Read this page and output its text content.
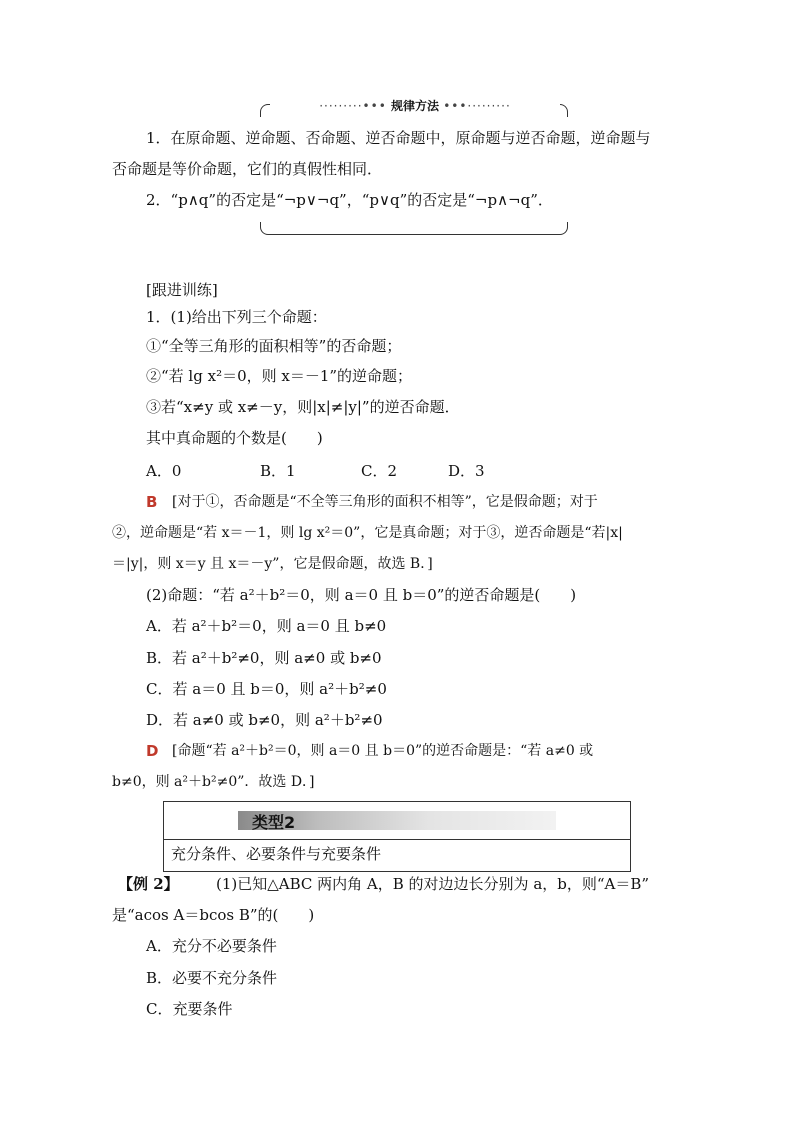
·········••• 规律方法 •••·········
1．在原命题、逆命题、否命题、逆否命题中，原命题与逆否命题，逆命题与
否命题是等价命题，它们的真假性相同．
2．“p∧q”的否定是“¬p∨¬q”，“p∨q”的否定是“¬p∧¬q”．
[跟进训练]
1．(1)给出下列三个命题：
①“全等三角形的面积相等”的否命题；
②“若 lg x²＝0，则 x＝－1”的逆命题；
③若“x≠y 或 x≠－y，则|x|≠|y|”的逆否命题．
其中真命题的个数是(　　)
A．0	B．1	C．2	D．3
B [对于①，否命题是“不全等三角形的面积不相等”，它是假命题；对于
②，逆命题是“若 x＝－1，则 lg x²＝0”，它是真命题；对于③，逆否命题是“若|x|
＝|y|，则 x＝y 且 x＝－y”，它是假命题，故选 B．]
(2)命题：“若 a²＋b²＝0，则 a＝0 且 b＝0”的逆否命题是(　　)
A．若 a²＋b²＝0，则 a＝0 且 b≠0
B．若 a²＋b²≠0，则 a≠0 或 b≠0
C．若 a＝0 且 b＝0，则 a²＋b²≠0
D．若 a≠0 或 b≠0，则 a²＋b²≠0
D [命题“若 a²＋b²＝0，则 a＝0 且 b＝0”的逆否命题是：“若 a≠0 或
b≠0，则 a²＋b²≠0”．故选 D．]
类型2
充分条件、必要条件与充要条件
【例 2】 (1)已知△ABC 两内角 A，B 的对边边长分别为 a，b，则“A＝B”
是“acos A＝bcos B”的(　　)
A．充分不必要条件
B．必要不充分条件
C．充要条件
